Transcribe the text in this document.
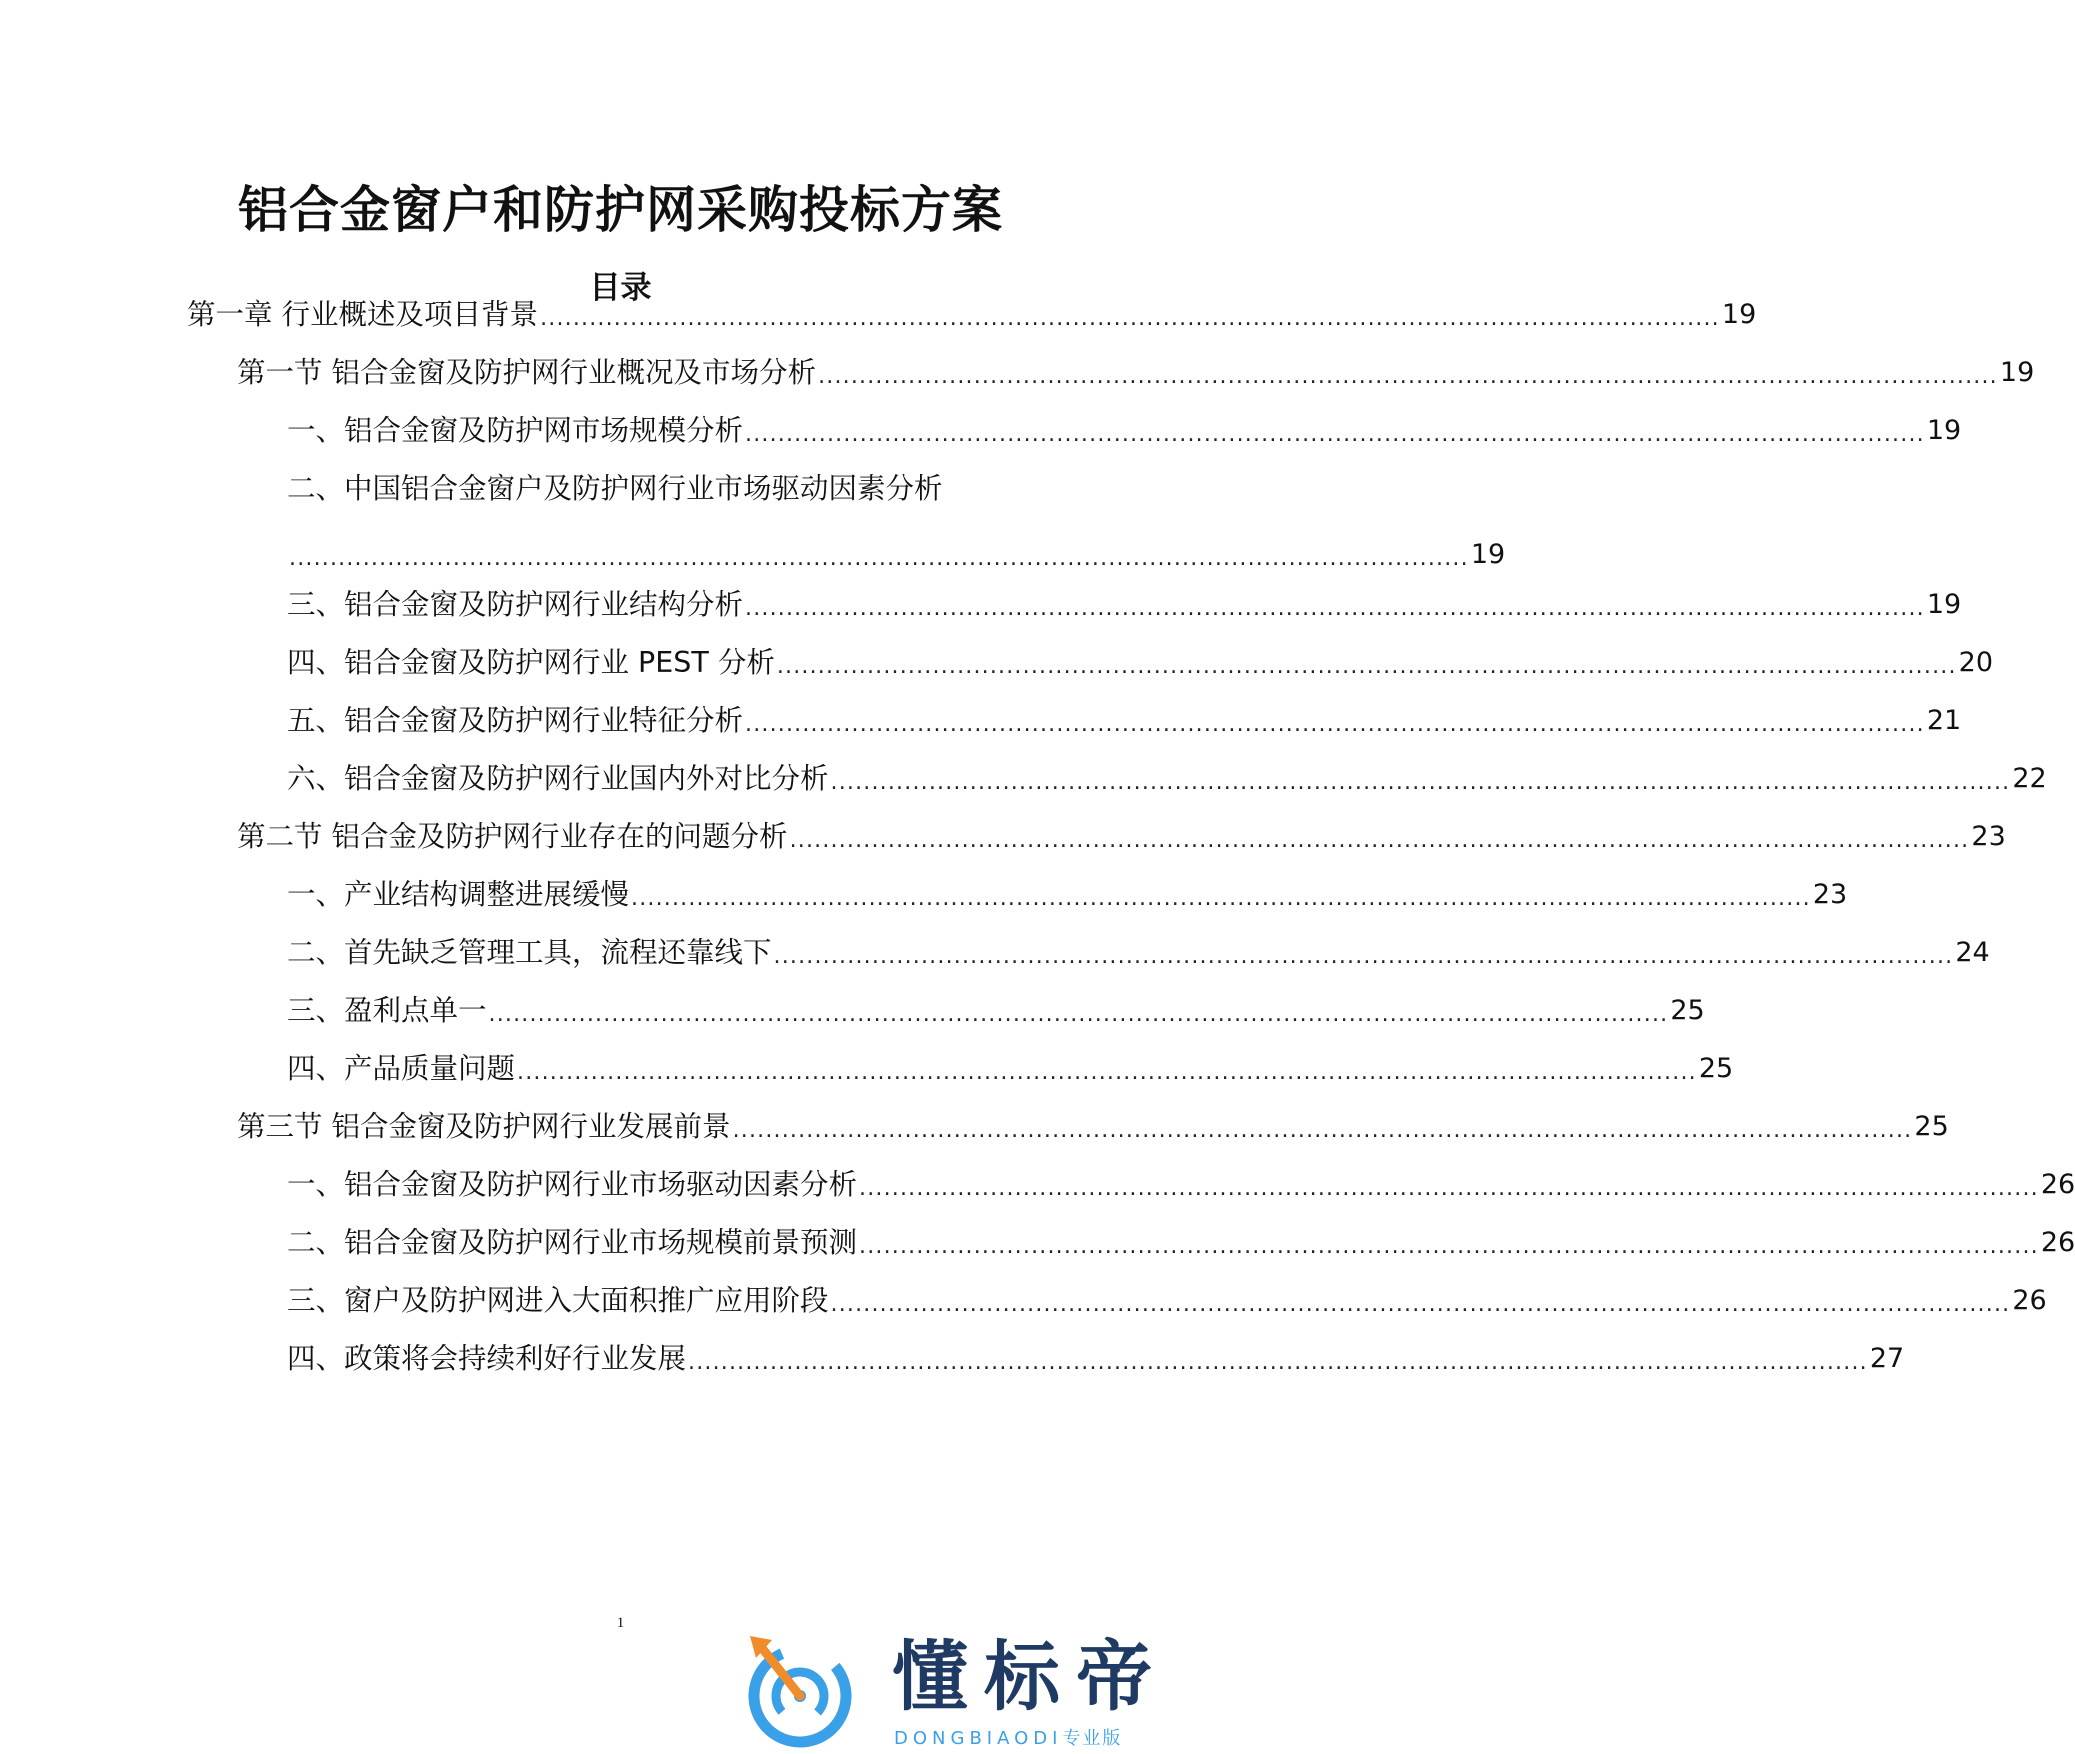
铝合金窗户和防护网采购投标方案
目录
第一章 行业概述及项目背景 ................................................................................................................................................ 19
第一节 铝合金窗及防护网行业概况及市场分析 ................................................................................................................................................ 19
一、铝合金窗及防护网市场规模分析 ................................................................................................................................................ 19
二、中国铝合金窗户及防护网行业市场驱动因素分析
................................................................................................................................................ 19
三、铝合金窗及防护网行业结构分析 ................................................................................................................................................ 19
四、铝合金窗及防护网行业 PEST 分析 ................................................................................................................................................ 20
五、铝合金窗及防护网行业特征分析 ................................................................................................................................................ 21
六、铝合金窗及防护网行业国内外对比分析 ................................................................................................................................................ 22
第二节 铝合金及防护网行业存在的问题分析 ................................................................................................................................................ 23
一、产业结构调整进展缓慢 ................................................................................................................................................ 23
二、首先缺乏管理工具，流程还靠线下 ................................................................................................................................................ 24
三、盈利点单一 ................................................................................................................................................ 25
四、产品质量问题 ................................................................................................................................................ 25
第三节 铝合金窗及防护网行业发展前景 ................................................................................................................................................ 25
一、铝合金窗及防护网行业市场驱动因素分析 ................................................................................................................................................ 26
二、铝合金窗及防护网行业市场规模前景预测 ................................................................................................................................................ 26
三、窗户及防护网进入大面积推广应用阶段 ................................................................................................................................................ 26
四、政策将会持续利好行业发展 ................................................................................................................................................ 27
1
懂标帝
DONGBIAODI专业版
